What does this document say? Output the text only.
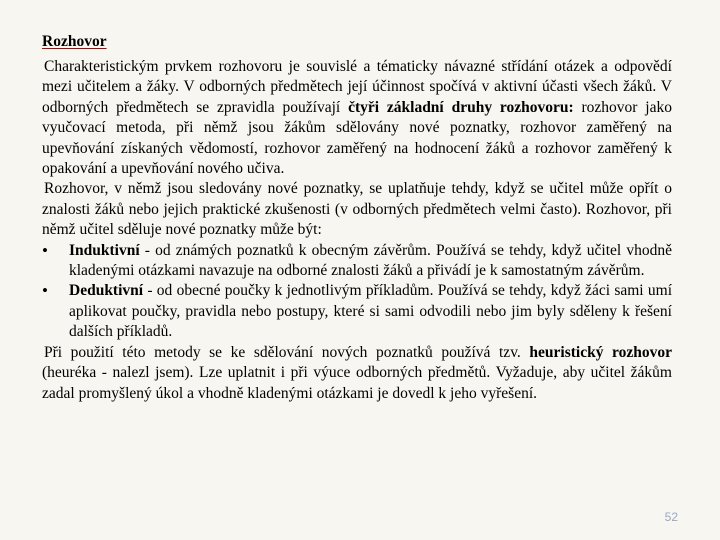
Rozhovor

Charakteristickým prvkem rozhovoru je souvislé a tématicky návazné střídání otázek a odpovědí mezi učitelem a žáky. V odborných předmětech její účinnost spočívá v aktivní účasti všech žáků. V odborných předmětech se zpravidla používají čtyři základní druhy rozhovoru: rozhovor jako vyučovací metoda, při němž jsou žákům sdělovány nové poznatky, rozhovor zaměřený na upevňování získaných vědomostí, rozhovor zaměřený na hodnocení žáků a rozhovor zaměřený k opakování a upevňování nového učiva.

Rozhovor, v němž jsou sledovány nové poznatky, se uplatňuje tehdy, když se učitel může opřít o znalosti žáků nebo jejich praktické zkušenosti (v odborných předmětech velmi často). Rozhovor, při němž učitel sděluje nové poznatky může být:

• Induktivní - od známých poznatků k obecným závěrům. Používá se tehdy, když učitel vhodně kladenými otázkami navazuje na odborné znalosti žáků a přivádí je k samostatným závěrům.
• Deduktivní - od obecné poučky k jednotlivým příkladům. Používá se tehdy, když žáci sami umí aplikovat poučky, pravidla nebo postupy, které si sami odvodili nebo jim byly sděleny k řešení dalších příkladů.

Při použití této metody se ke sdělování nových poznatků používá tzv. heuristický rozhovor (heuréka - nalezl jsem). Lze uplatnit i při výuce odborných předmětů. Vyžaduje, aby učitel žákům zadal promyšlený úkol a vhodně kladenými otázkami je dovedl k jeho vyřešení.

52
